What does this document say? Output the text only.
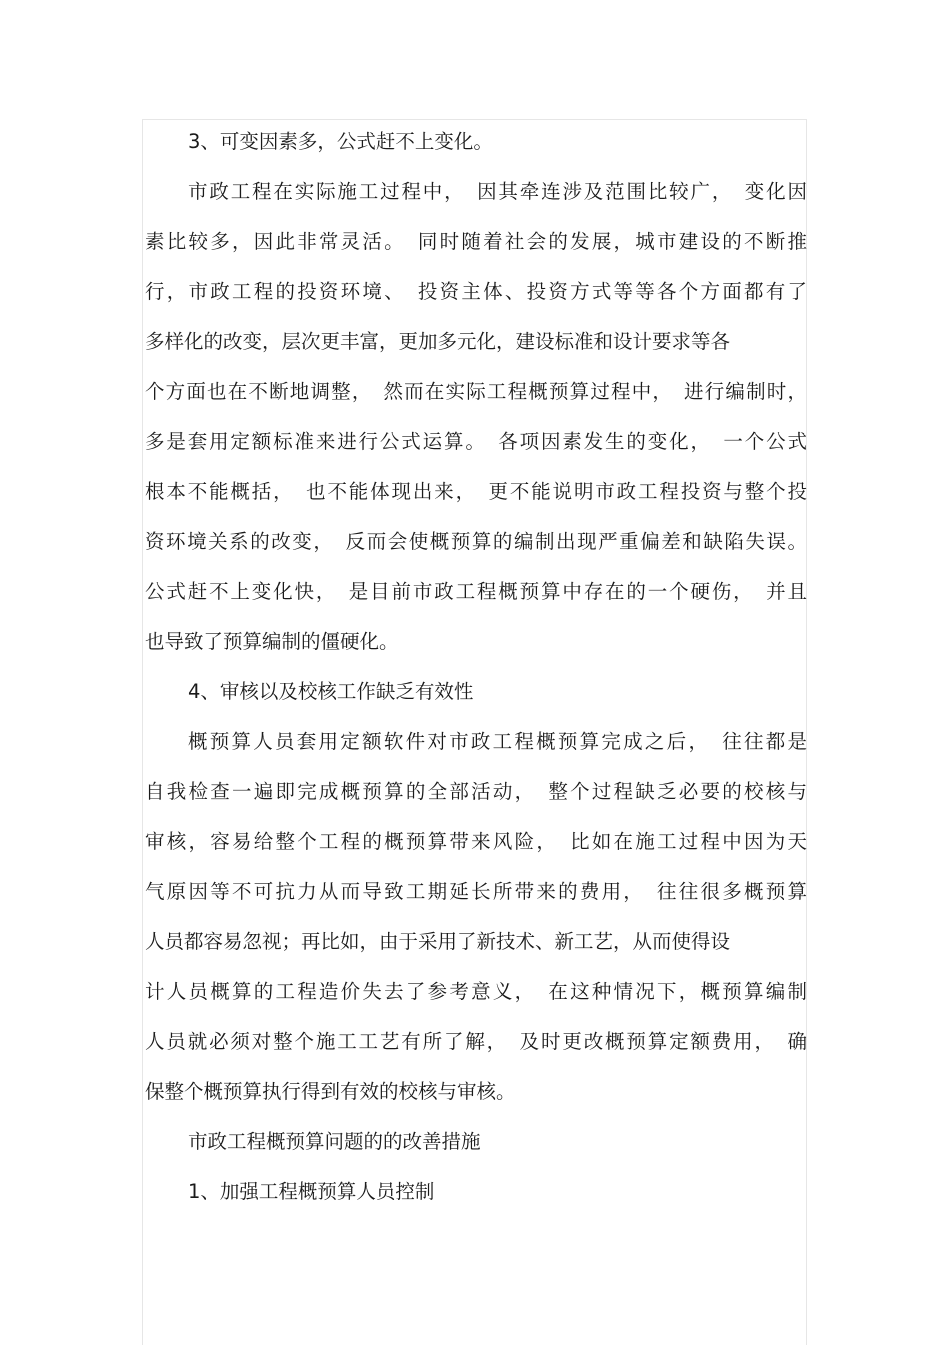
3、可变因素多，公式赶不上变化。
市政工程在实际施工过程中，　因其牵连涉及范围比较广，　变化因
素比较多，因此非常灵活。　同时随着社会的发展，城市建设的不断推
行，市政工程的投资环境、　投资主体、投资方式等等各个方面都有了
多样化的改变，层次更丰富，更加多元化，建设标准和设计要求等各
个方面也在不断地调整，　然而在实际工程概预算过程中，　进行编制时，
多是套用定额标准来进行公式运算。　各项因素发生的变化，　一个公式
根本不能概括，　也不能体现出来，　更不能说明市政工程投资与整个投
资环境关系的改变，　反而会使概预算的编制出现严重偏差和缺陷失误。
公式赶不上变化快，　是目前市政工程概预算中存在的一个硬伤，　并且
也导致了预算编制的僵硬化。
4、审核以及校核工作缺乏有效性
概预算人员套用定额软件对市政工程概预算完成之后，　往往都是
自我检查一遍即完成概预算的全部活动，　整个过程缺乏必要的校核与
审核，容易给整个工程的概预算带来风险，　比如在施工过程中因为天
气原因等不可抗力从而导致工期延长所带来的费用，　往往很多概预算
人员都容易忽视；再比如，由于采用了新技术、新工艺，从而使得设
计人员概算的工程造价失去了参考意义，　在这种情况下，概预算编制
人员就必须对整个施工工艺有所了解，　及时更改概预算定额费用，　确
保整个概预算执行得到有效的校核与审核。
市政工程概预算问题的的改善措施
1、加强工程概预算人员控制
